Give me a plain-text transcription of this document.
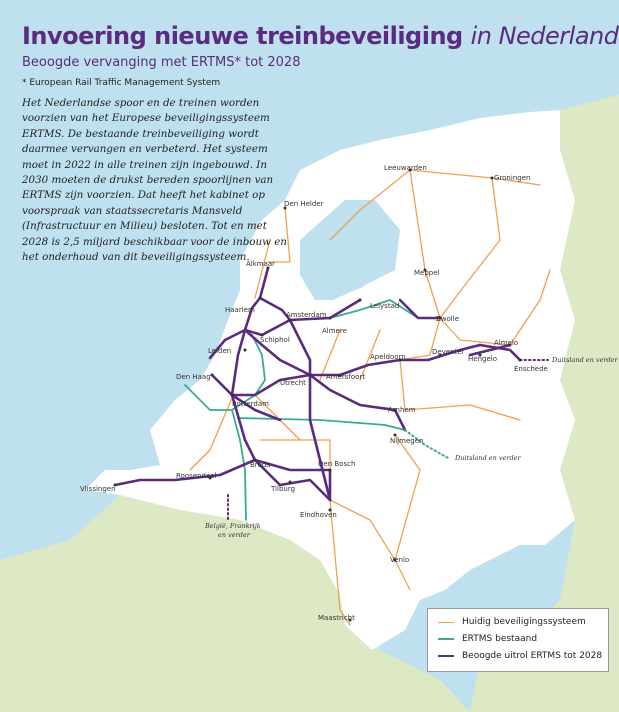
Leeuwarden
Groningen
Den Helder
Alkmaar
Meppel
Lelystad
Zwolle
Haarlem
Amsterdam
Almere
Almelo
Schiphol
Leiden
Apeldoorn
Deventer
Hengelo
Enschede
Den Haag
Utrecht
Amersfoort
Rotterdam
Arnhem
Nijmegen
Breda	Den Bosch
Roosendaal
Vlissingen	Tilburg
Eindhoven
Venlo
Maastricht
Duitsland en verder
Duitsland en verder
België, Frankrijk
en verder
Invoering nieuwe treinbeveiliging in Nederland
Beoogde vervanging met ERTMS* tot 2028
* European Rail Traffic Management System
Het Nederlandse spoor en de treinen worden voorzien van het Europese beveiligingssysteem ERTMS. De bestaande treinbeveiliging wordt daarmee vervangen en verbeterd. Het systeem moet in 2022 in alle treinen zijn ingebouwd. In 2030 moeten de drukst bereden spoorlijnen van ERTMS zijn voorzien. Dat heeft het kabinet op voorspraak van staatssecretaris Mansveld (Infrastructuur en Milieu) besloten. Tot en met 2028 is 2,5 miljard beschikbaar voor de inbouw en het onderhoud van dit beveiligingssysteem.
Huidig beveiligingssysteem
ERTMS bestaand
Beoogde uitrol ERTMS tot 2028
